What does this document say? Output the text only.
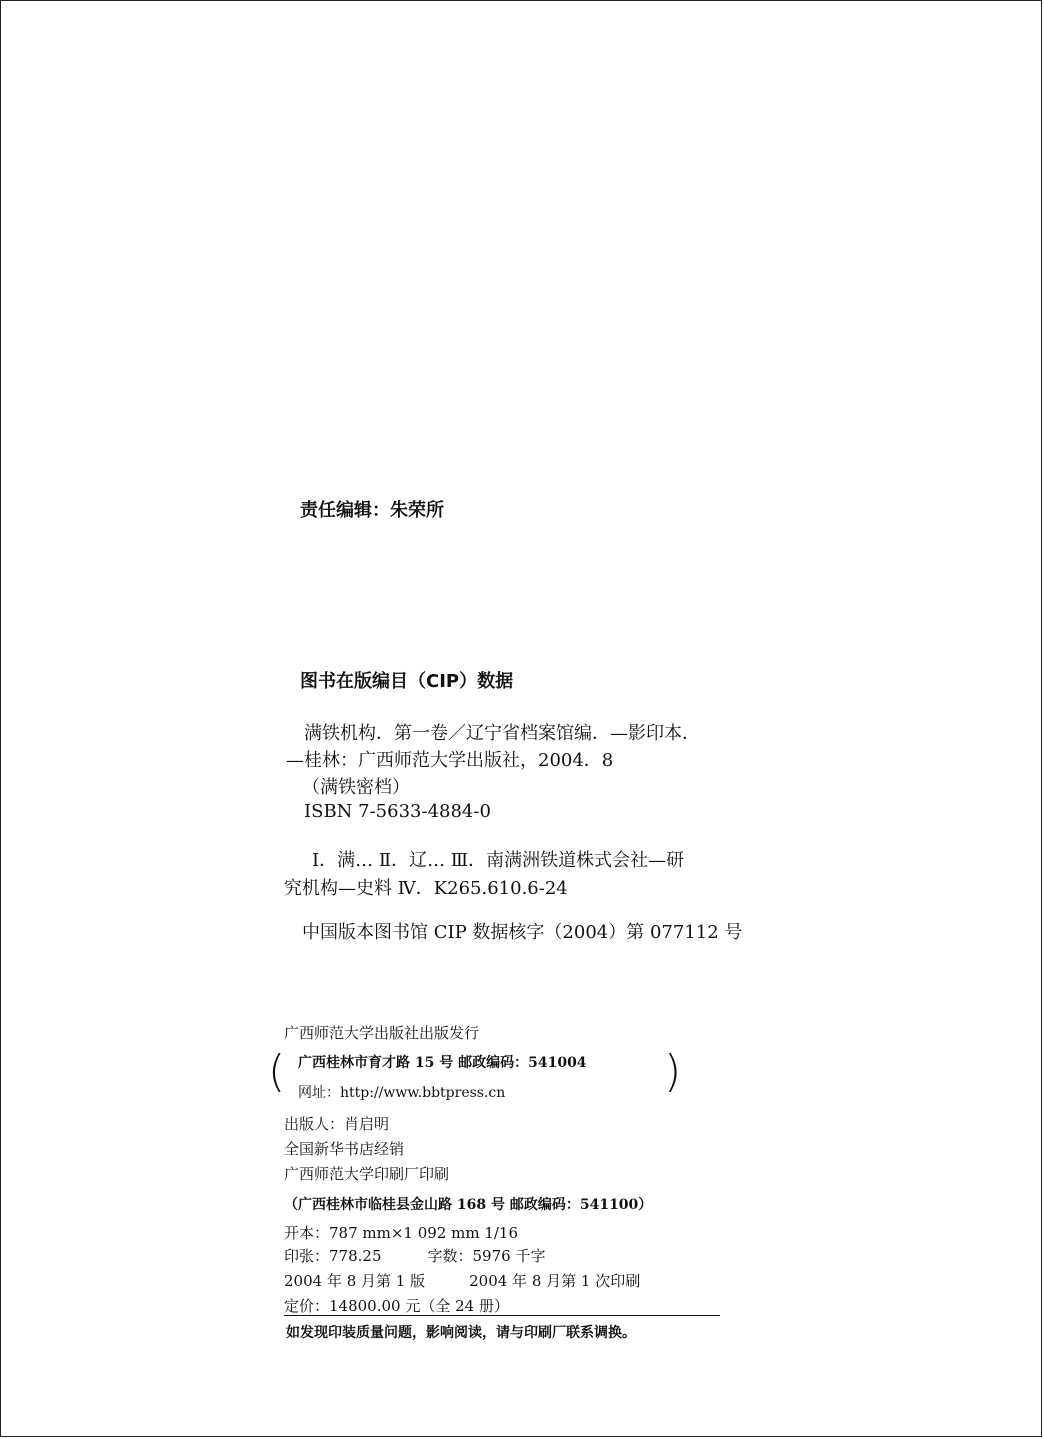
责任编辑：朱荣所
图书在版编目（CIP）数据
满铁机构．第一卷／辽宁省档案馆编．—影印本．
—桂林：广西师范大学出版社，2004．8
（满铁密档）
ISBN 7-5633-4884-0
Ⅰ．满… Ⅱ．辽… Ⅲ．南满洲铁道株式会社—研
究机构—史料 Ⅳ．K265.610.6-24
中国版本图书馆 CIP 数据核字（2004）第 077112 号
广西师范大学出版社出版发行
( 广西桂林市育才路 15 号 邮政编码：541004
网址：http://www.bbtpress.cn	)
出版人：肖启明
全国新华书店经销
广西师范大学印刷厂印刷
（广西桂林市临桂县金山路 168 号 邮政编码：541100）
开本：787 mm×1 092 mm 1/16
印张：778.25	字数：5976 千字
2004 年 8 月第 1 版	2004 年 8 月第 1 次印刷
定价：14800.00 元（全 24 册）
如发现印装质量问题，影响阅读，请与印刷厂联系调换。
